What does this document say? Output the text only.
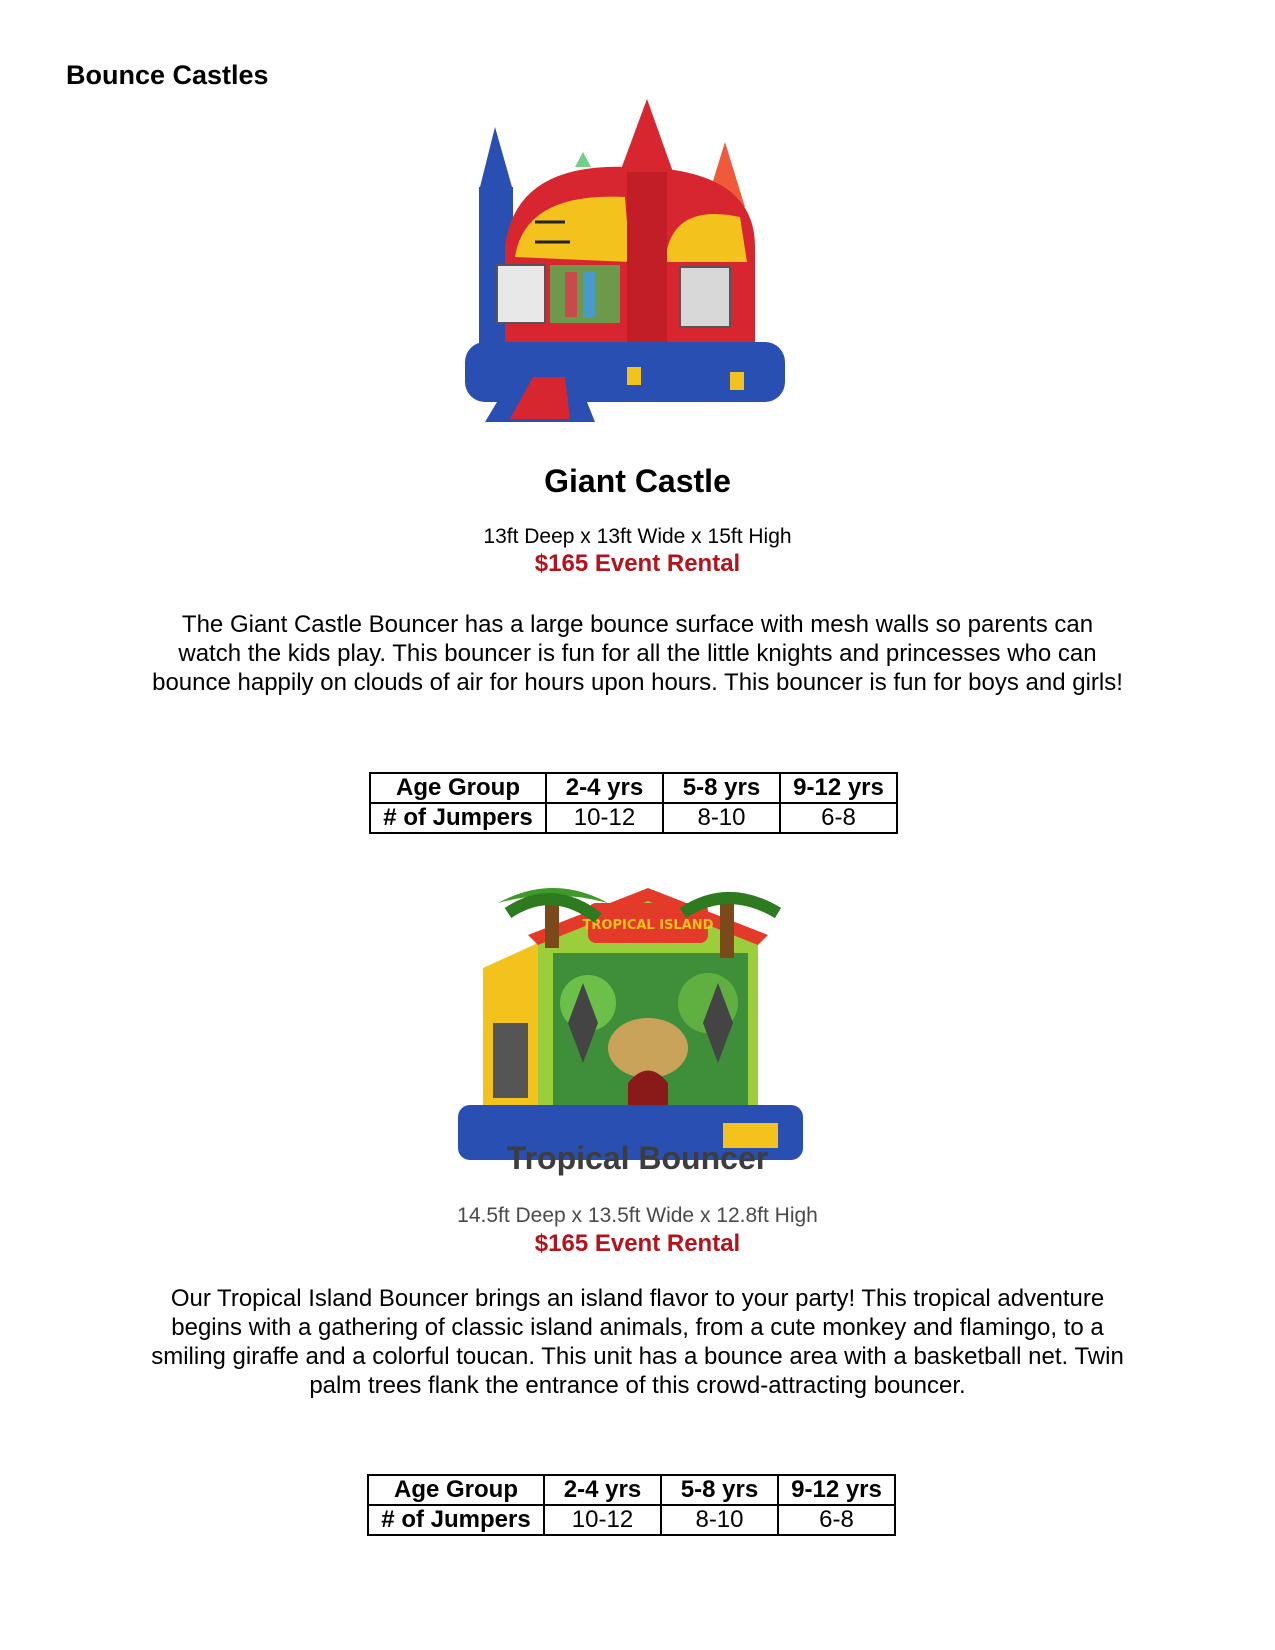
Bounce Castles
Giant Castle
13ft Deep x 13ft Wide x 15ft High
$165 Event Rental
The Giant Castle Bouncer has a large bounce surface with mesh walls so parents can watch the kids play. This bouncer is fun for all the little knights and princesses who can bounce happily on clouds of air for hours upon hours. This bouncer is fun for boys and girls!
Age Group	2-4 yrs	5-8 yrs	9-12 yrs
# of Jumpers	10-12	8-10	6-8
TROPICAL ISLAND
Tropical Bouncer
14.5ft Deep x 13.5ft Wide x 12.8ft High
$165 Event Rental
Our Tropical Island Bouncer brings an island flavor to your party! This tropical adventure begins with a gathering of classic island animals, from a cute monkey and flamingo, to a smiling giraffe and a colorful toucan. This unit has a bounce area with a basketball net. Twin palm trees flank the entrance of this crowd-attracting bouncer.
Age Group	2-4 yrs	5-8 yrs	9-12 yrs
# of Jumpers	10-12	8-10	6-8
